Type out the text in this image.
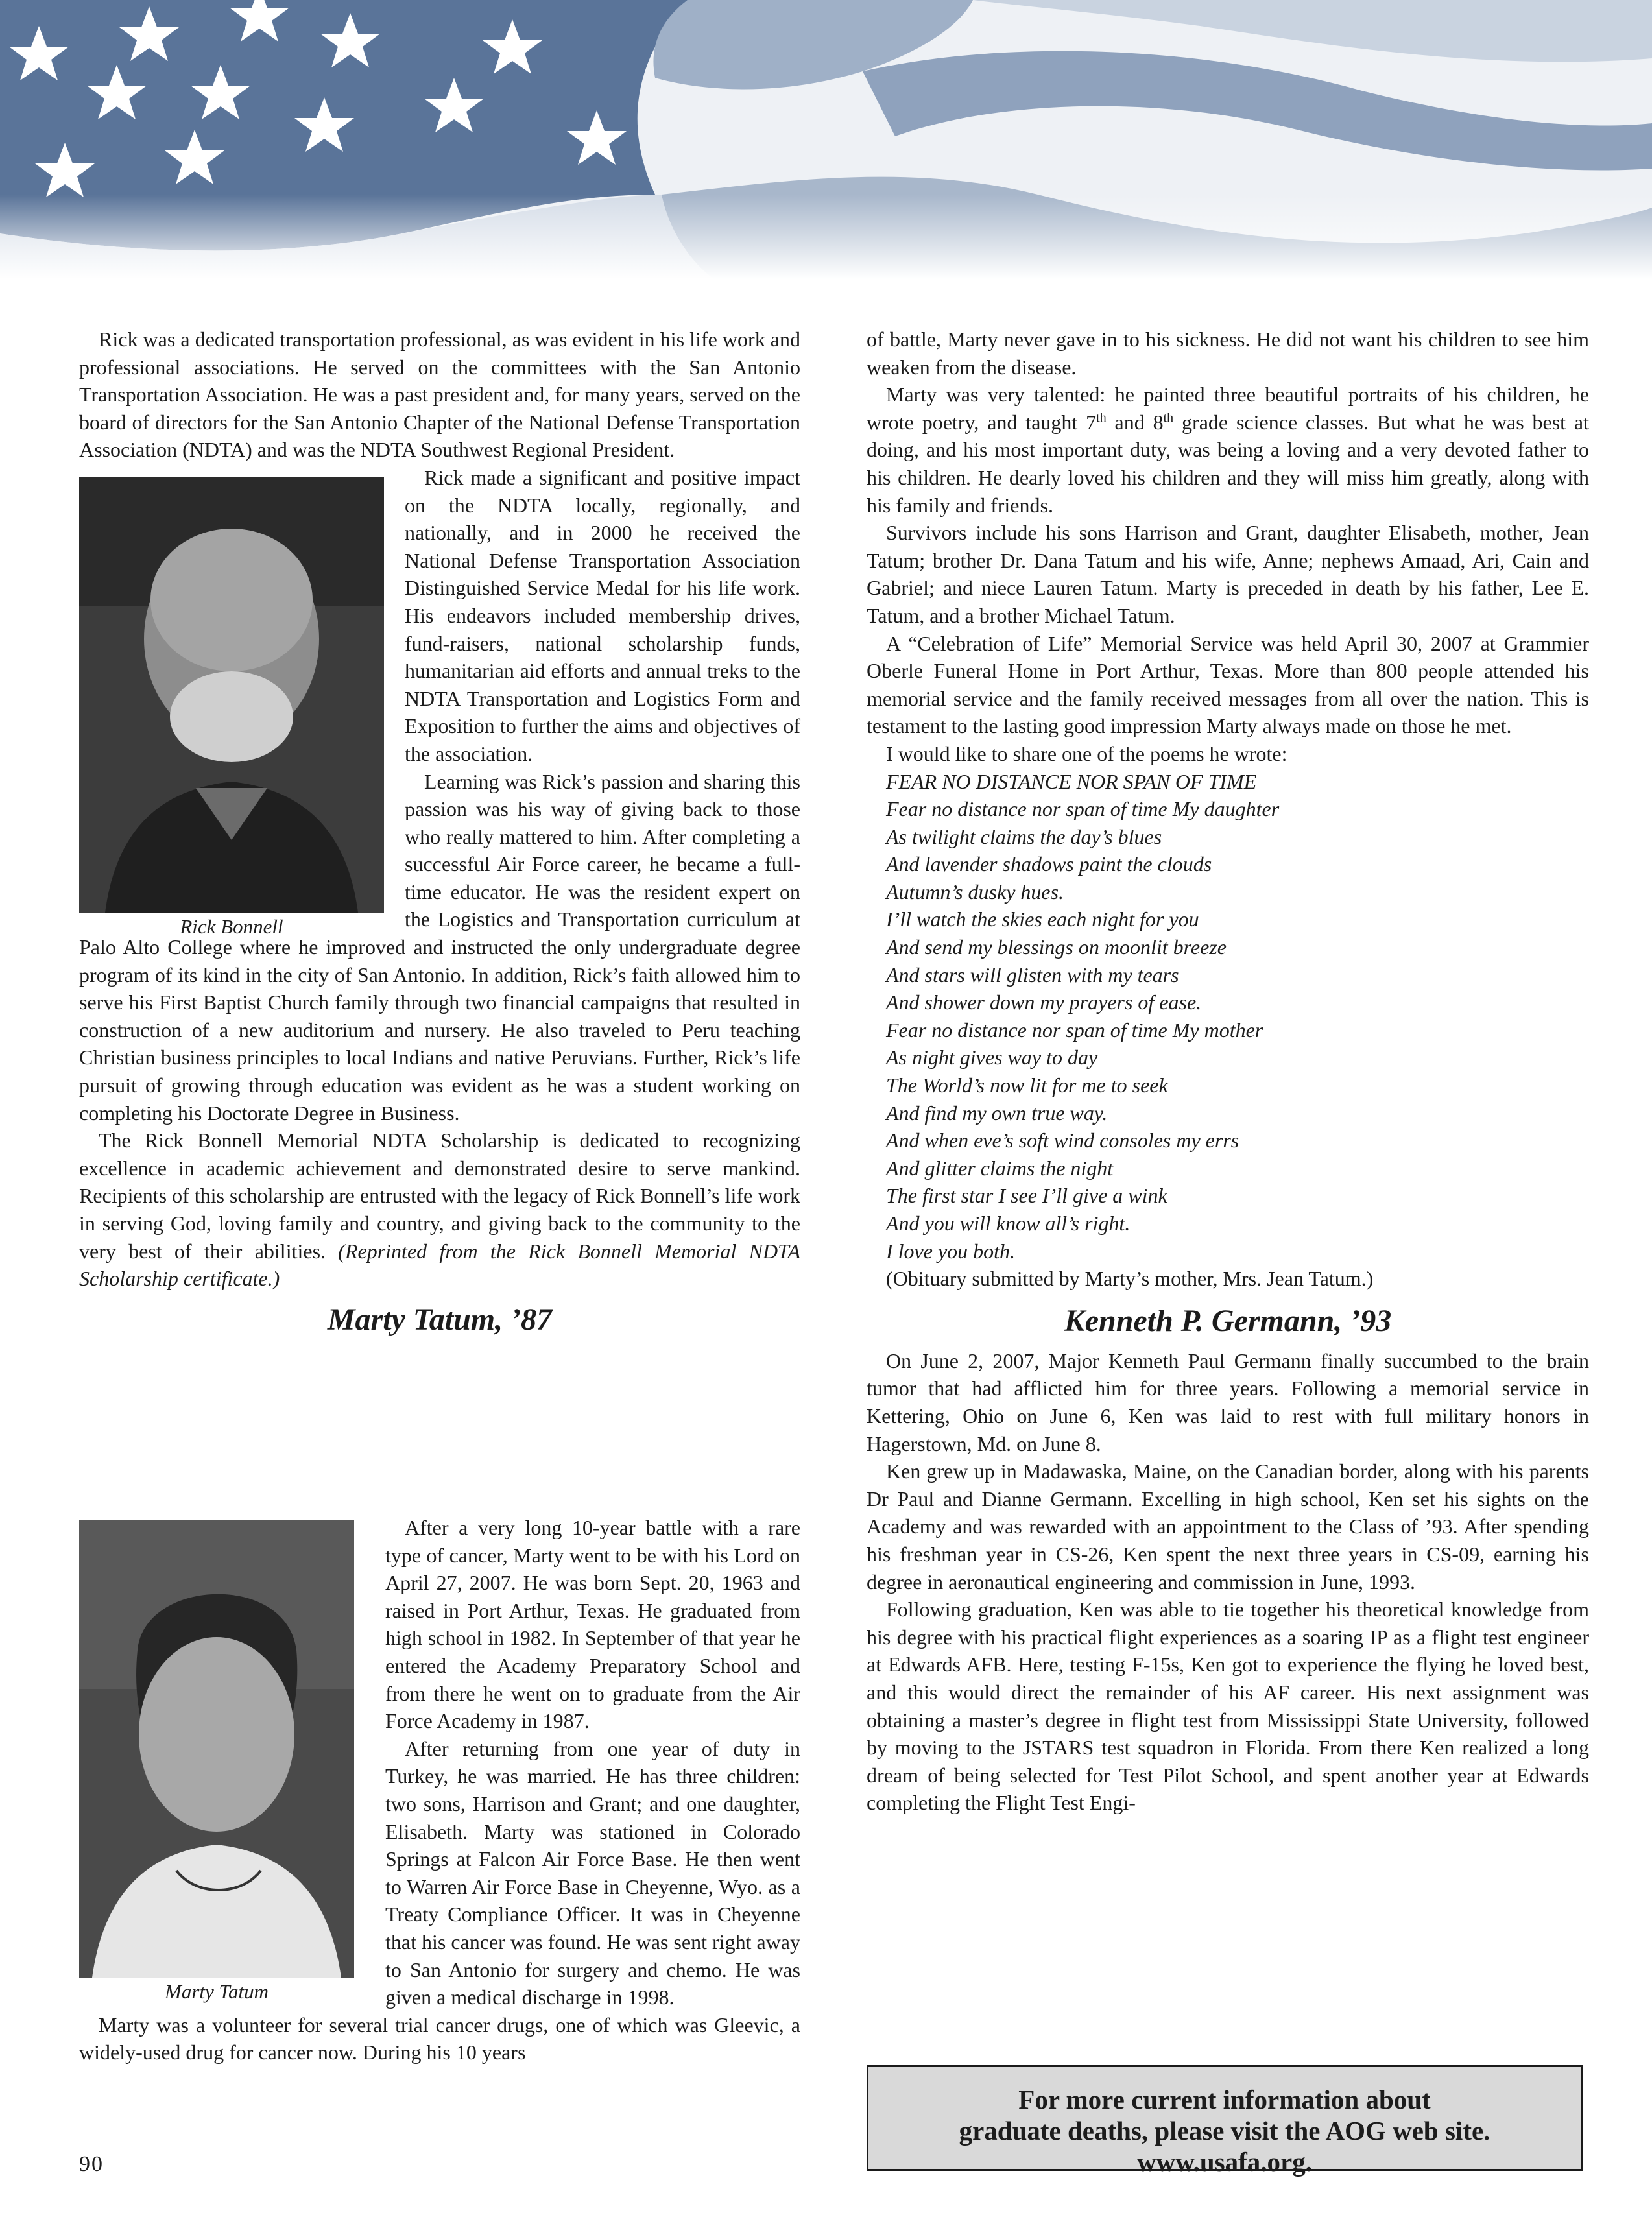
Rick was a dedicated transportation professional, as was evident in his life work and professional associations. He served on the committees with the San Antonio Transportation Association. He was a past president and, for many years, served on the board of directors for the San Antonio Chapter of the National Defense Transportation Association (NDTA) and was the NDTA Southwest Regional President.

Rick Bonnell

Rick made a significant and positive impact on the NDTA locally, regionally, and nationally, and in 2000 he received the National Defense Transportation Association Distinguished Service Medal for his life work. His endeavors included membership drives, fund-raisers, national scholarship funds, humanitarian aid efforts and annual treks to the NDTA Transportation and Logistics Form and Exposition to further the aims and objectives of the association.

Learning was Rick’s passion and sharing this passion was his way of giving back to those who really mattered to him. After completing a successful Air Force career, he became a full-time educator. He was the resident expert on the Logistics and Transportation curriculum at Palo Alto College where he improved and instructed the only undergraduate degree program of its kind in the city of San Antonio. In addition, Rick’s faith allowed him to serve his First Baptist Church family through two financial campaigns that resulted in construction of a new auditorium and nursery. He also traveled to Peru teaching Christian business principles to local Indians and native Peruvians. Further, Rick’s life pursuit of growing through education was evident as he was a student working on completing his Doctorate Degree in Business.

The Rick Bonnell Memorial NDTA Scholarship is dedicated to recognizing excellence in academic achievement and demonstrated desire to serve mankind. Recipients of this scholarship are entrusted with the legacy of Rick Bonnell’s life work in serving God, loving family and country, and giving back to the community to the very best of their abilities. (Reprinted from the Rick Bonnell Memorial NDTA Scholarship certificate.)

Marty Tatum, ’87

Marty Tatum

After a very long 10-year battle with a rare type of cancer, Marty went to be with his Lord on April 27, 2007. He was born Sept. 20, 1963 and raised in Port Arthur, Texas. He graduated from high school in 1982. In September of that year he entered the Academy Preparatory School and from there he went on to graduate from the Air Force Academy in 1987.

After returning from one year of duty in Turkey, he was married. He has three children: two sons, Harrison and Grant; and one daughter, Elisabeth. Marty was stationed in Colorado Springs at Falcon Air Force Base. He then went to Warren Air Force Base in Cheyenne, Wyo. as a Treaty Compliance Officer. It was in Cheyenne that his cancer was found. He was sent right away to San Antonio for surgery and chemo. He was given a medical discharge in 1998.

Marty was a volunteer for several trial cancer drugs, one of which was Gleevic, a widely-used drug for cancer now. During his 10 years

of battle, Marty never gave in to his sickness. He did not want his children to see him weaken from the disease.

Marty was very talented: he painted three beautiful portraits of his children, he wrote poetry, and taught 7th and 8th grade science classes. But what he was best at doing, and his most important duty, was being a loving and a very devoted father to his children. He dearly loved his children and they will miss him greatly, along with his family and friends.

Survivors include his sons Harrison and Grant, daughter Elisabeth, mother, Jean Tatum; brother Dr. Dana Tatum and his wife, Anne; nephews Amaad, Ari, Cain and Gabriel; and niece Lauren Tatum. Marty is preceded in death by his father, Lee E. Tatum, and a brother Michael Tatum.

A “Celebration of Life” Memorial Service was held April 30, 2007 at Grammier Oberle Funeral Home in Port Arthur, Texas. More than 800 people attended his memorial service and the family received messages from all over the nation. This is testament to the lasting good impression Marty always made on those he met.

I would like to share one of the poems he wrote:

FEAR NO DISTANCE NOR SPAN OF TIME

Fear no distance nor span of time My daughter

As twilight claims the day’s blues

And lavender shadows paint the clouds

Autumn’s dusky hues.

I’ll watch the skies each night for you

And send my blessings on moonlit breeze

And stars will glisten with my tears

And shower down my prayers of ease.

Fear no distance nor span of time My mother

As night gives way to day

The World’s now lit for me to seek

And find my own true way.

And when eve’s soft wind consoles my errs

And glitter claims the night

The first star I see I’ll give a wink

And you will know all’s right.

I love you both.

(Obituary submitted by Marty’s mother, Mrs. Jean Tatum.)

Kenneth P. Germann, ’93

On June 2, 2007, Major Kenneth Paul Germann finally succumbed to the brain tumor that had afflicted him for three years. Following a memorial service in Kettering, Ohio on June 6, Ken was laid to rest with full military honors in Hagerstown, Md. on June 8.

Ken grew up in Madawaska, Maine, on the Canadian border, along with his parents Dr Paul and Dianne Germann. Excelling in high school, Ken set his sights on the Academy and was rewarded with an appointment to the Class of ’93. After spending his freshman year in CS-26, Ken spent the next three years in CS-09, earning his degree in aeronautical engineering and commission in June, 1993.

Following graduation, Ken was able to tie together his theoretical knowledge from his degree with his practical flight experiences as a soaring IP as a flight test engineer at Edwards AFB. Here, testing F-15s, Ken got to experience the flying he loved best, and this would direct the remainder of his AF career. His next assignment was obtaining a master’s degree in flight test from Mississippi State University, followed by moving to the JSTARS test squadron in Florida. From there Ken realized a long dream of being selected for Test Pilot School, and spent another year at Edwards completing the Flight Test Engi-

For more current information about
graduate deaths, please visit the AOG web site.
www.usafa.org.
90
